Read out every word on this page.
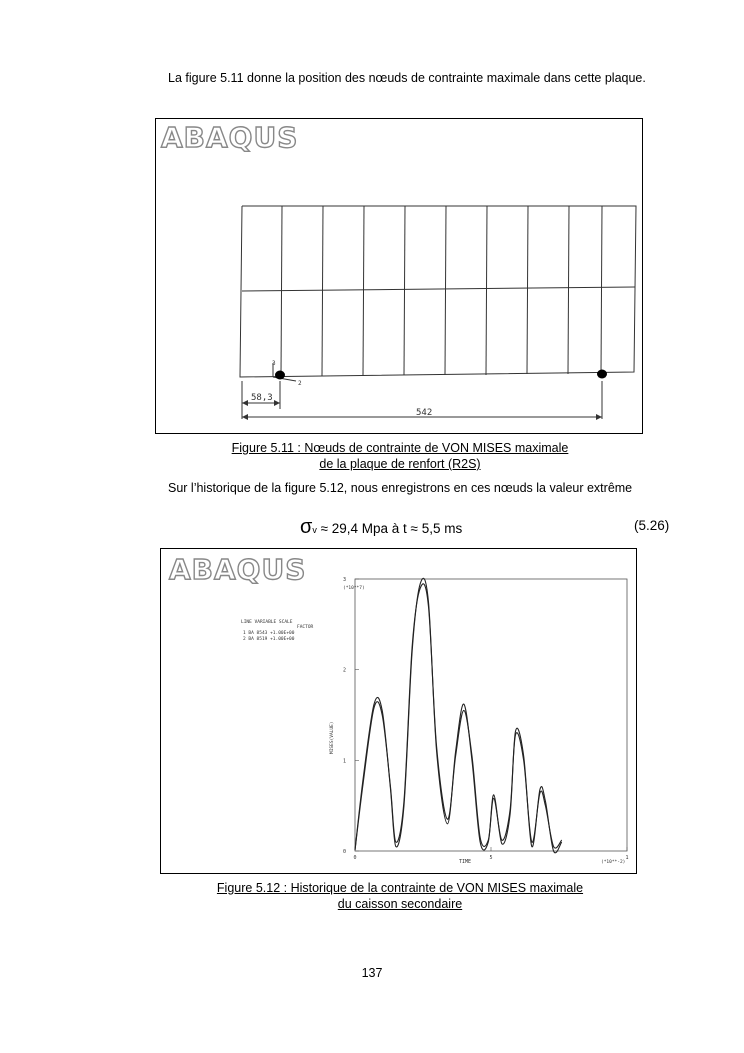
La figure 5.11 donne la position des nœuds de contrainte maximale dans cette plaque.
ABAQUS
3
2
58,3
542
Figure 5.11 : Nœuds de contrainte de VON MISES maximale
de la plaque de renfort (R2S)
Sur l’historique de la figure 5.12, nous enregistrons en ces nœuds la valeur extrême
σv ≈ 29,4 Mpa à t ≈ 5,5 ms	(5.26)
ABAQUS
LINE VARIABLE SCALE
FACTOR
1 BA 8543 +1.00E+00
2 BA 8519 +1.00E+00
(*10**7)
(*10**-2)
TIME
MISES(VALUE)
0
1
2
3
0	5	1
Figure 5.12 : Historique de la contrainte de VON MISES maximale
du caisson secondaire
137
